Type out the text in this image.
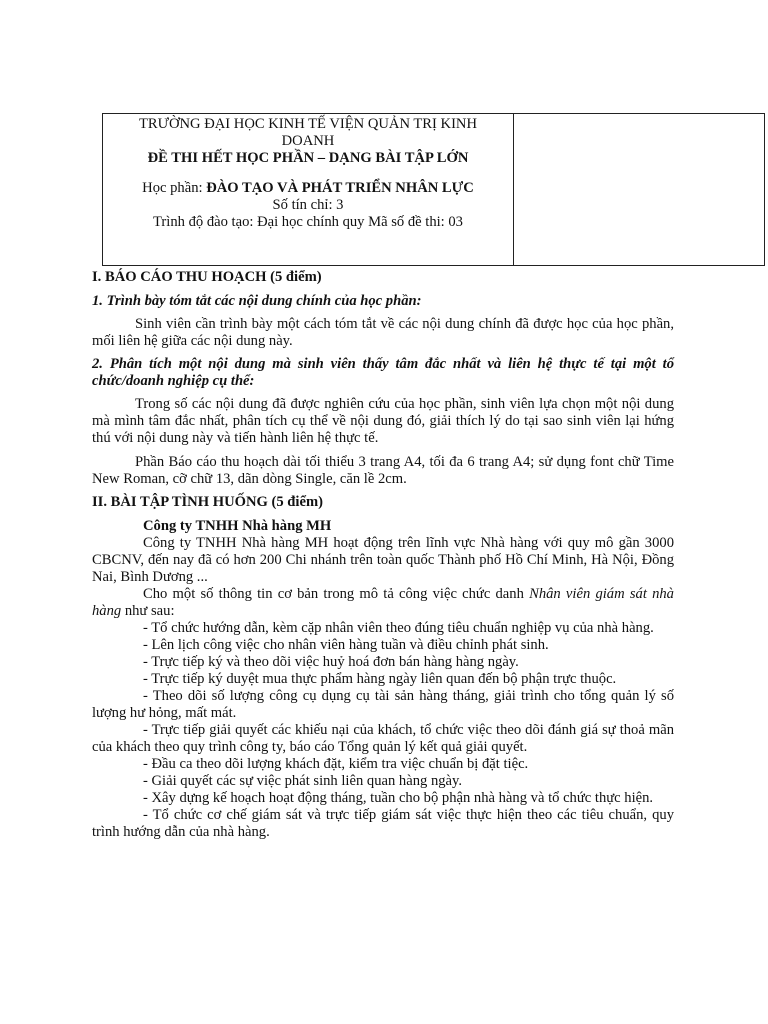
TRƯỜNG ĐẠI HỌC KINH TẾ VIỆN QUẢN TRỊ KINH DOANH
ĐỀ THI HẾT HỌC PHẦN – DẠNG BÀI TẬP LỚN
Học phần: ĐÀO TẠO VÀ PHÁT TRIỂN NHÂN LỰC
Số tín chỉ: 3
Trình độ đào tạo: Đại học chính quy Mã số đề thi: 03

I. BÁO CÁO THU HOẠCH (5 điểm)

1. Trình bày tóm tắt các nội dung chính của học phần:

Sinh viên cần trình bày một cách tóm tắt về các nội dung chính đã được học của học phần, mối liên hệ giữa các nội dung này.

2. Phân tích một nội dung mà sinh viên thấy tâm đắc nhất và liên hệ thực tế tại một tổ chức/doanh nghiệp cụ thể:

Trong số các nội dung đã được nghiên cứu của học phần, sinh viên lựa chọn một nội dung mà mình tâm đắc nhất, phân tích cụ thể về nội dung đó, giải thích lý do tại sao sinh viên lại hứng thú với nội dung này và tiến hành liên hệ thực tế.

Phần Báo cáo thu hoạch dài tối thiểu 3 trang A4, tối đa 6 trang A4; sử dụng font chữ Time New Roman, cỡ chữ 13, dãn dòng Single, căn lề 2cm.

II. BÀI TẬP TÌNH HUỐNG (5 điểm)

Công ty TNHH Nhà hàng MH

Công ty TNHH Nhà hàng MH hoạt động trên lĩnh vực Nhà hàng với quy mô gần 3000 CBCNV, đến nay đã có hơn 200 Chi nhánh trên toàn quốc Thành phố Hồ Chí Minh, Hà Nội, Đồng Nai, Bình Dương ...

Cho một số thông tin cơ bản trong mô tả công việc chức danh Nhân viên giám sát nhà hàng như sau:

- Tổ chức hướng dẫn, kèm cặp nhân viên theo đúng tiêu chuẩn nghiệp vụ của nhà hàng.

- Lên lịch công việc cho nhân viên hàng tuần và điều chỉnh phát sinh.

- Trực tiếp ký và theo dõi việc huỷ hoá đơn bán hàng hàng ngày.

- Trực tiếp ký duyệt mua thực phẩm hàng ngày liên quan đến bộ phận trực thuộc.

- Theo dõi số lượng công cụ dụng cụ tài sản hàng tháng, giải trình cho tổng quản lý số lượng hư hỏng, mất mát.

- Trực tiếp giải quyết các khiếu nại của khách, tổ chức việc theo dõi đánh giá sự thoả mãn của khách theo quy trình công ty, báo cáo Tổng quản lý kết quả giải quyết.

- Đầu ca theo dõi lượng khách đặt, kiểm tra việc chuẩn bị đặt tiệc.

- Giải quyết các sự việc phát sinh liên quan hàng ngày.

- Xây dựng kế hoạch hoạt động tháng, tuần cho bộ phận nhà hàng và tổ chức thực hiện.

- Tổ chức cơ chế giám sát và trực tiếp giám sát việc thực hiện theo các tiêu chuẩn, quy trình hướng dẫn của nhà hàng.
